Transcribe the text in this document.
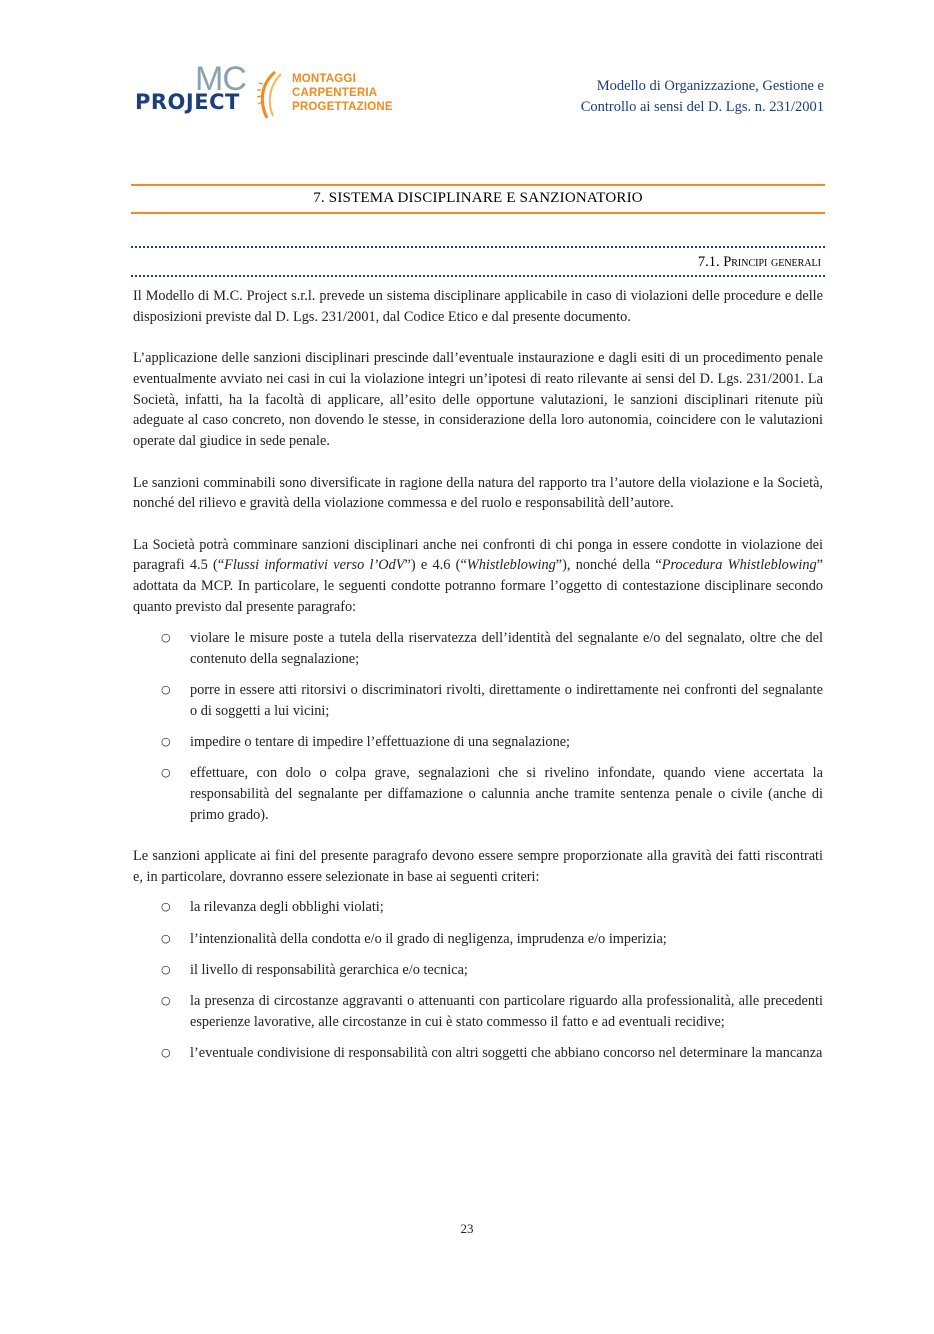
MC
PROJECT
MONTAGGI
CARPENTERIA
PROGETTAZIONE
Modello di Organizzazione, Gestione e
Controllo ai sensi del D. Lgs. n. 231/2001
7. SISTEMA DISCIPLINARE E SANZIONATORIO
7.1. Principi generali

Il Modello di M.C. Project s.r.l. prevede un sistema disciplinare applicabile in caso di violazioni delle procedure e delle disposizioni previste dal D. Lgs. 231/2001, dal Codice Etico e dal presente documento.

L’applicazione delle sanzioni disciplinari prescinde dall’eventuale instaurazione e dagli esiti di un procedimento penale eventualmente avviato nei casi in cui la violazione integri un’ipotesi di reato rilevante ai sensi del D. Lgs. 231/2001. La Società, infatti, ha la facoltà di applicare, all’esito delle opportune valutazioni, le sanzioni disciplinari ritenute più adeguate al caso concreto, non dovendo le stesse, in considerazione della loro autonomia, coincidere con le valutazioni operate dal giudice in sede penale.

Le sanzioni comminabili sono diversificate in ragione della natura del rapporto tra l’autore della violazione e la Società, nonché del rilievo e gravità della violazione commessa e del ruolo e responsabilità dell’autore.

La Società potrà comminare sanzioni disciplinari anche nei confronti di chi ponga in essere condotte in violazione dei paragrafi 4.5 (“Flussi informativi verso l’OdV”) e 4.6 (“Whistleblowing”), nonché della “Procedura Whistleblowing” adottata da MCP. In particolare, le seguenti condotte potranno formare l’oggetto di contestazione disciplinare secondo quanto previsto dal presente paragrafo:

○ violare le misure poste a tutela della riservatezza dell’identità del segnalante e/o del segnalato, oltre che del contenuto della segnalazione;
○ porre in essere atti ritorsivi o discriminatori rivolti, direttamente o indirettamente nei confronti del segnalante o di soggetti a lui vicini;
○ impedire o tentare di impedire l’effettuazione di una segnalazione;
○ effettuare, con dolo o colpa grave, segnalazioni che si rivelino infondate, quando viene accertata la responsabilità del segnalante per diffamazione o calunnia anche tramite sentenza penale o civile (anche di primo grado).

Le sanzioni applicate ai fini del presente paragrafo devono essere sempre proporzionate alla gravità dei fatti riscontrati e, in particolare, dovranno essere selezionate in base ai seguenti criteri:

○ la rilevanza degli obblighi violati;
○ l’intenzionalità della condotta e/o il grado di negligenza, imprudenza e/o imperizia;
○ il livello di responsabilità gerarchica e/o tecnica;
○ la presenza di circostanze aggravanti o attenuanti con particolare riguardo alla professionalità, alle precedenti esperienze lavorative, alle circostanze in cui è stato commesso il fatto e ad eventuali recidive;
○ l’eventuale condivisione di responsabilità con altri soggetti che abbiano concorso nel determinare la mancanza
23
